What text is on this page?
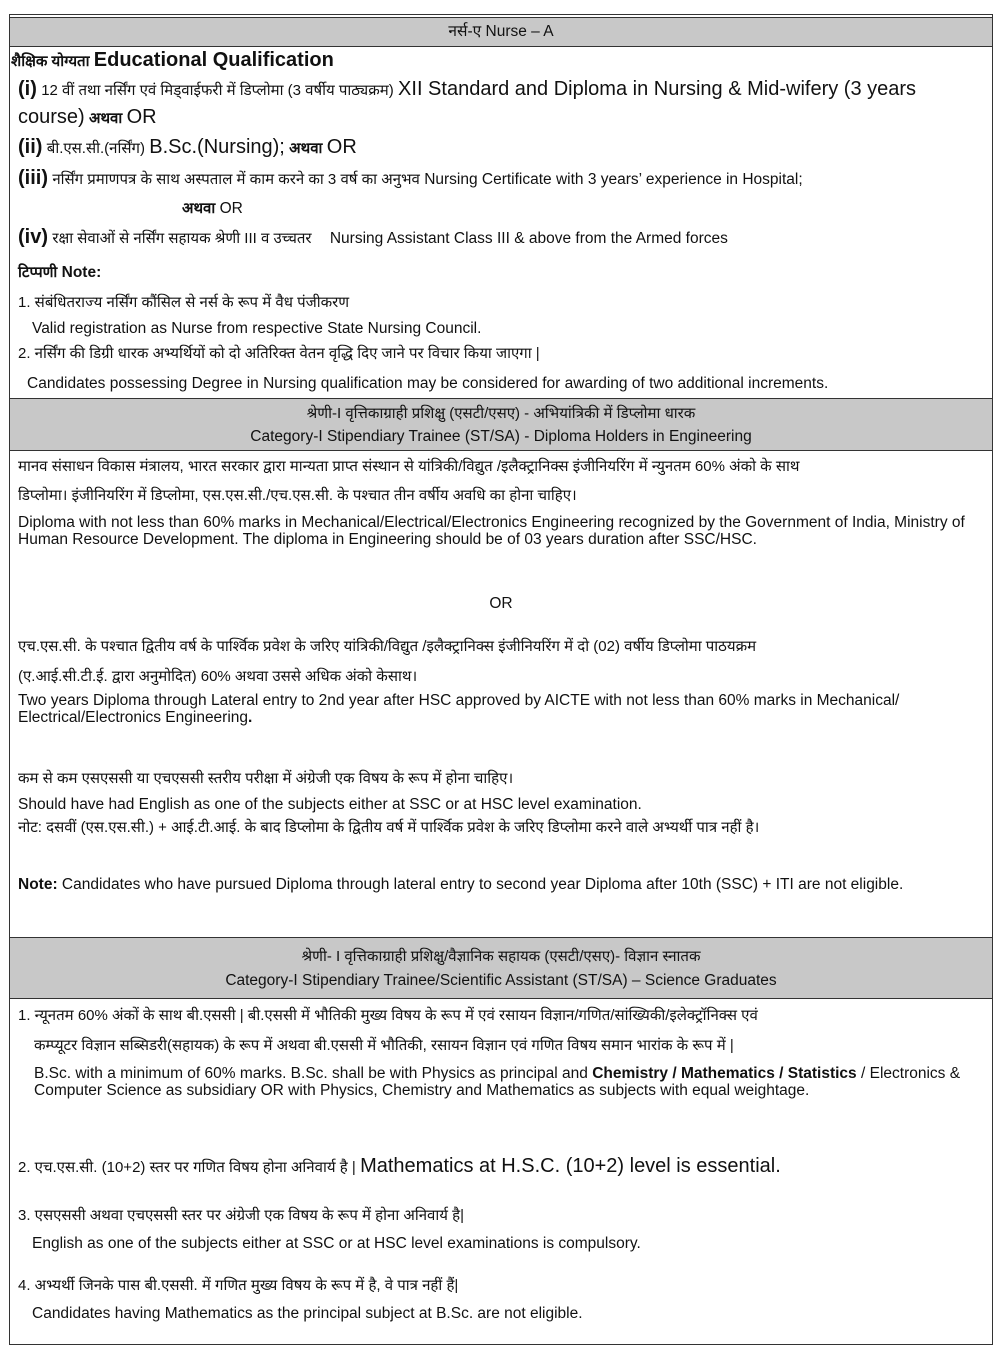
नर्स-ए Nurse – A
शैक्षिक योग्यता Educational Qualification
(i) 12 वीं तथा नर्सिंग एवं मिड्वाईफरी में डिप्लोमा (3 वर्षीय पाठ्यक्रम) XII Standard and Diploma in Nursing & Mid-wifery (3 years
course) अथवा OR
(ii) बी.एस.सी.(नर्सिंग) B.Sc.(Nursing); अथवा OR
(iii) नर्सिंग प्रमाणपत्र के साथ अस्पताल में काम करने का 3 वर्ष का अनुभव Nursing Certificate with 3 years’ experience in Hospital;
अथवा OR
(iv) रक्षा सेवाओं से नर्सिंग सहायक श्रेणी III व उच्चतर Nursing Assistant Class III & above from the Armed forces
टिप्पणी Note:
1. संबंधितराज्य नर्सिंग कौंसिल से नर्स के रूप में वैध पंजीकरण
Valid registration as Nurse from respective State Nursing Council.
2. नर्सिंग की डिग्री धारक अभ्यर्थियों को दो अतिरिक्त वेतन वृद्धि दिए जाने पर विचार किया जाएगा |
Candidates possessing Degree in Nursing qualification may be considered for awarding of two additional increments.
श्रेणी-I वृत्तिकाग्राही प्रशिक्षु (एसटी/एसए) - अभियांत्रिकी में डिप्लोमा धारक
Category-I Stipendiary Trainee (ST/SA) - Diploma Holders in Engineering
मानव संसाधन विकास मंत्रालय, भारत सरकार द्वारा मान्यता प्राप्त संस्थान से यांत्रिकी/विद्युत /इलैक्ट्रानिक्स इंजीनियरिंग में न्युनतम 60% अंको के साथ
डिप्लोमा। इंजीनियरिंग में डिप्लोमा, एस.एस.सी./एच.एस.सी. के पश्चात तीन वर्षीय अवधि का होना चाहिए।
Diploma with not less than 60% marks in Mechanical/Electrical/Electronics Engineering recognized by the Government of India, Ministry of Human Resource Development. The diploma in Engineering should be of 03 years duration after SSC/HSC.
OR
एच.एस.सी. के पश्चात द्वितीय वर्ष के पार्श्विक प्रवेश के जरिए यांत्रिकी/विद्युत /इलैक्ट्रानिक्स इंजीनियरिंग में दो (02) वर्षीय डिप्लोमा पाठयक्रम
(ए.आई.सी.टी.ई. द्वारा अनुमोदित) 60% अथवा उससे अधिक अंको केसाथ।
Two years Diploma through Lateral entry to 2nd year after HSC approved by AICTE with not less than 60% marks in Mechanical/ Electrical/Electronics Engineering.
कम से कम एसएससी या एचएससी स्तरीय परीक्षा में अंग्रेजी एक विषय के रूप में होना चाहिए।
Should have had English as one of the subjects either at SSC or at HSC level examination.
नोट: दसवीं (एस.एस.सी.) + आई.टी.आई. के बाद डिप्लोमा के द्वितीय वर्ष में पार्श्विक प्रवेश के जरिए डिप्लोमा करने वाले अभ्यर्थी पात्र नहीं है।
Note: Candidates who have pursued Diploma through lateral entry to second year Diploma after 10th (SSC) + ITI are not eligible.
श्रेणी- I वृत्तिकाग्राही प्रशिक्षु/वैज्ञानिक सहायक (एसटी/एसए)- विज्ञान स्नातक
Category-I Stipendiary Trainee/Scientific Assistant (ST/SA) – Science Graduates
1. न्यूनतम 60% अंकों के साथ बी.एससी | बी.एससी में भौतिकी मुख्य विषय के रूप में एवं रसायन विज्ञान/गणित/सांख्यिकी/इलेक्ट्रॉनिक्स एवं
कम्प्यूटर विज्ञान सब्सिडरी(सहायक) के रूप में अथवा बी.एससी में भौतिकी, रसायन विज्ञान एवं गणित विषय समान भारांक के रूप में |
B.Sc. with a minimum of 60% marks. B.Sc. shall be with Physics as principal and Chemistry / Mathematics / Statistics / Electronics & Computer Science as subsidiary OR with Physics, Chemistry and Mathematics as subjects with equal weightage.
2. एच.एस.सी. (10+2) स्तर पर गणित विषय होना अनिवार्य है | Mathematics at H.S.C. (10+2) level is essential.
3. एसएससी अथवा एचएससी स्तर पर अंग्रेजी एक विषय के रूप में होना अनिवार्य है|
English as one of the subjects either at SSC or at HSC level examinations is compulsory.
4. अभ्यर्थी जिनके पास बी.एससी. में गणित मुख्य विषय के रूप में है, वे पात्र नहीं हैं|
Candidates having Mathematics as the principal subject at B.Sc. are not eligible.
